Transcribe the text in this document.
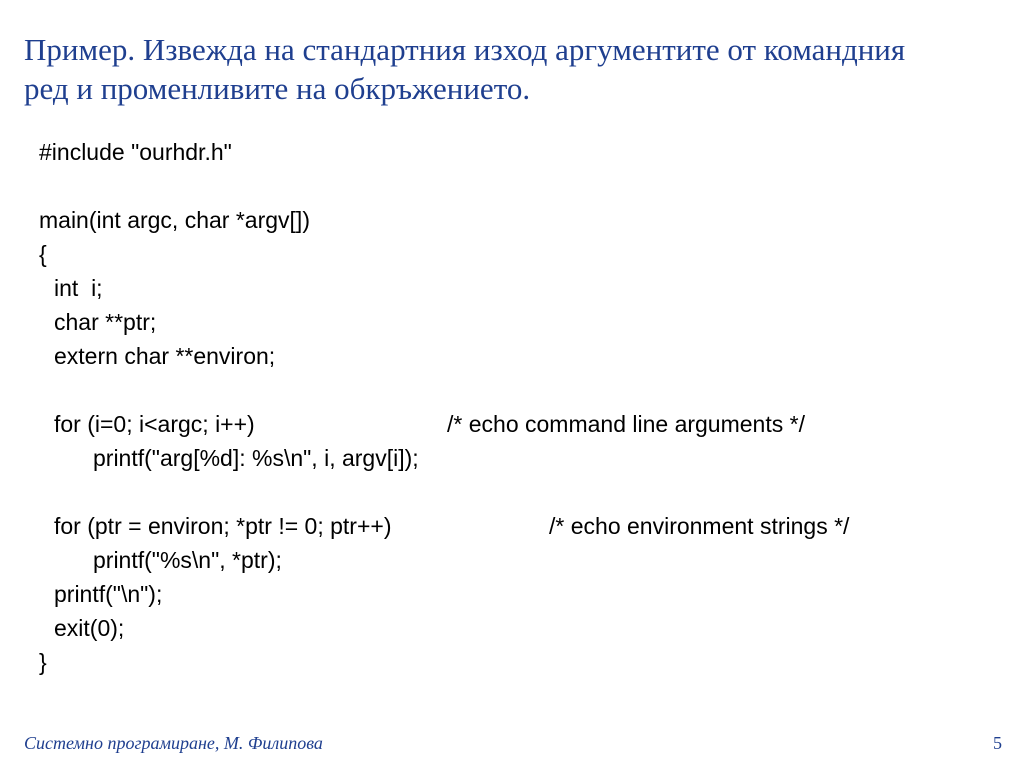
Пример. Извежда на стандартния изход аргументите от командния
ред и променливите на обкръжението.
#include "ourhdr.h"
main(int argc, char *argv[])
{
int  i;
char **ptr;
extern char **environ;
for (i=0; i<argc; i++)	/* echo command line arguments */
printf("arg[%d]: %s\n", i, argv[i]);
for (ptr = environ; *ptr != 0; ptr++)	/* echo environment strings */
printf("%s\n", *ptr);
printf("\n");
exit(0);
}
Системно програмиране, М. Филипова	5
